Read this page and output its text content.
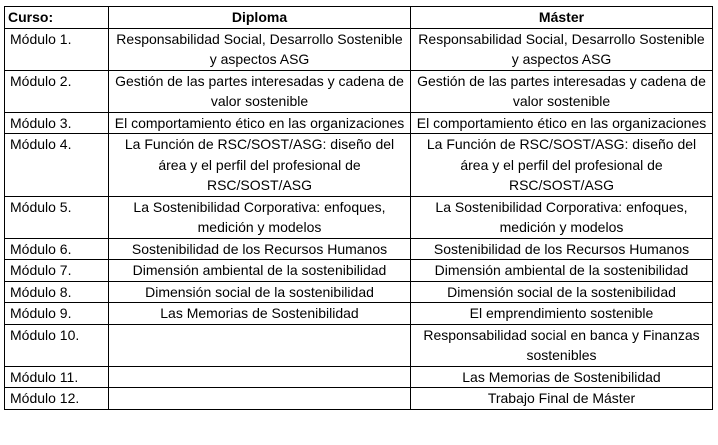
Curso:	Diploma	Máster
Módulo 1.	Responsabilidad Social, Desarrollo Sostenible y aspectos ASG	Responsabilidad Social, Desarrollo Sostenible y aspectos ASG
Módulo 2.	Gestión de las partes interesadas y cadena de valor sostenible	Gestión de las partes interesadas y cadena de valor sostenible
Módulo 3.	El comportamiento ético en las organizaciones	El comportamiento ético en las organizaciones
Módulo 4.	La Función de RSC/SOST/ASG: diseño del área y el perfil del profesional de RSC/SOST/ASG	La Función de RSC/SOST/ASG: diseño del área y el perfil del profesional de RSC/SOST/ASG
Módulo 5.	La Sostenibilidad Corporativa: enfoques, medición y modelos	La Sostenibilidad Corporativa: enfoques, medición y modelos
Módulo 6.	Sostenibilidad de los Recursos Humanos	Sostenibilidad de los Recursos Humanos
Módulo 7.	Dimensión ambiental de la sostenibilidad	Dimensión ambiental de la sostenibilidad
Módulo 8.	Dimensión social de la sostenibilidad	Dimensión social de la sostenibilidad
Módulo 9.	Las Memorias de Sostenibilidad	El emprendimiento sostenible
Módulo 10.		Responsabilidad social en banca y Finanzas sostenibles
Módulo 11.		Las Memorias de Sostenibilidad
Módulo 12.		Trabajo Final de Máster
